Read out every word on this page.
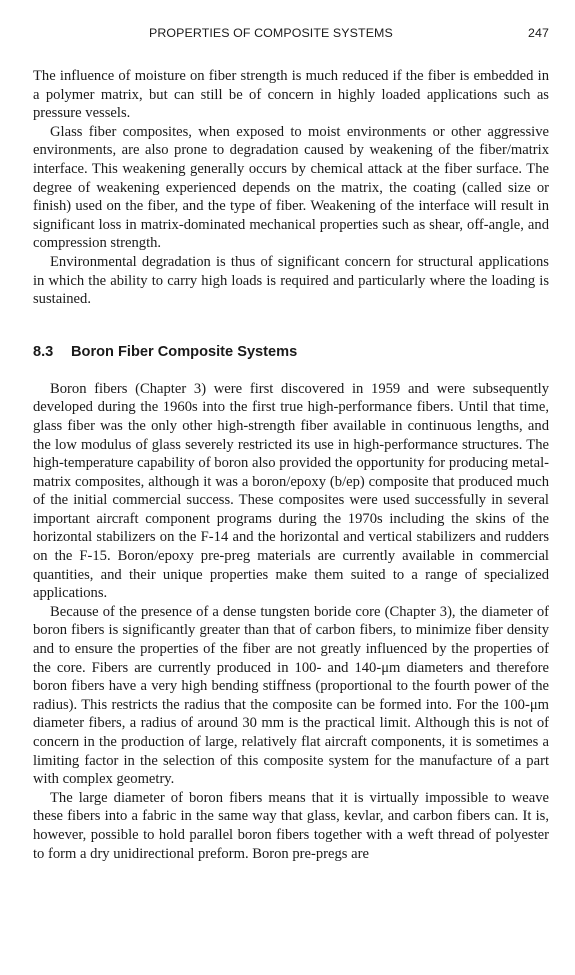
PROPERTIES OF COMPOSITE SYSTEMS	247

The influence of moisture on fiber strength is much reduced if the fiber is embedded in a polymer matrix, but can still be of concern in highly loaded applications such as pressure vessels.

Glass fiber composites, when exposed to moist environments or other aggressive environments, are also prone to degradation caused by weakening of the fiber/matrix interface. This weakening generally occurs by chemical attack at the fiber surface. The degree of weakening experienced depends on the matrix, the coating (called size or finish) used on the fiber, and the type of fiber. Weakening of the interface will result in significant loss in matrix-dominated mechanical properties such as shear, off-angle, and compression strength.

Environmental degradation is thus of significant concern for structural applications in which the ability to carry high loads is required and particularly where the loading is sustained.

8.3 Boron Fiber Composite Systems

Boron fibers (Chapter 3) were first discovered in 1959 and were subsequently developed during the 1960s into the first true high-performance fibers. Until that time, glass fiber was the only other high-strength fiber available in continuous lengths, and the low modulus of glass severely restricted its use in high-performance structures. The high-temperature capability of boron also provided the opportunity for producing metal-matrix composites, although it was a boron/epoxy (b/ep) composite that produced much of the initial commercial success. These composites were used successfully in several important aircraft component programs during the 1970s including the skins of the horizontal stabilizers on the F-14 and the horizontal and vertical stabilizers and rudders on the F-15. Boron/epoxy pre-preg materials are currently available in commercial quantities, and their unique properties make them suited to a range of specialized applications.

Because of the presence of a dense tungsten boride core (Chapter 3), the diameter of boron fibers is significantly greater than that of carbon fibers, to minimize fiber density and to ensure the properties of the fiber are not greatly influenced by the properties of the core. Fibers are currently produced in 100- and 140-μm diameters and therefore boron fibers have a very high bending stiffness (proportional to the fourth power of the radius). This restricts the radius that the composite can be formed into. For the 100-μm diameter fibers, a radius of around 30 mm is the practical limit. Although this is not of concern in the production of large, relatively flat aircraft components, it is sometimes a limiting factor in the selection of this composite system for the manufacture of a part with complex geometry.

The large diameter of boron fibers means that it is virtually impossible to weave these fibers into a fabric in the same way that glass, kevlar, and carbon fibers can. It is, however, possible to hold parallel boron fibers together with a weft thread of polyester to form a dry unidirectional preform. Boron pre-pregs are
